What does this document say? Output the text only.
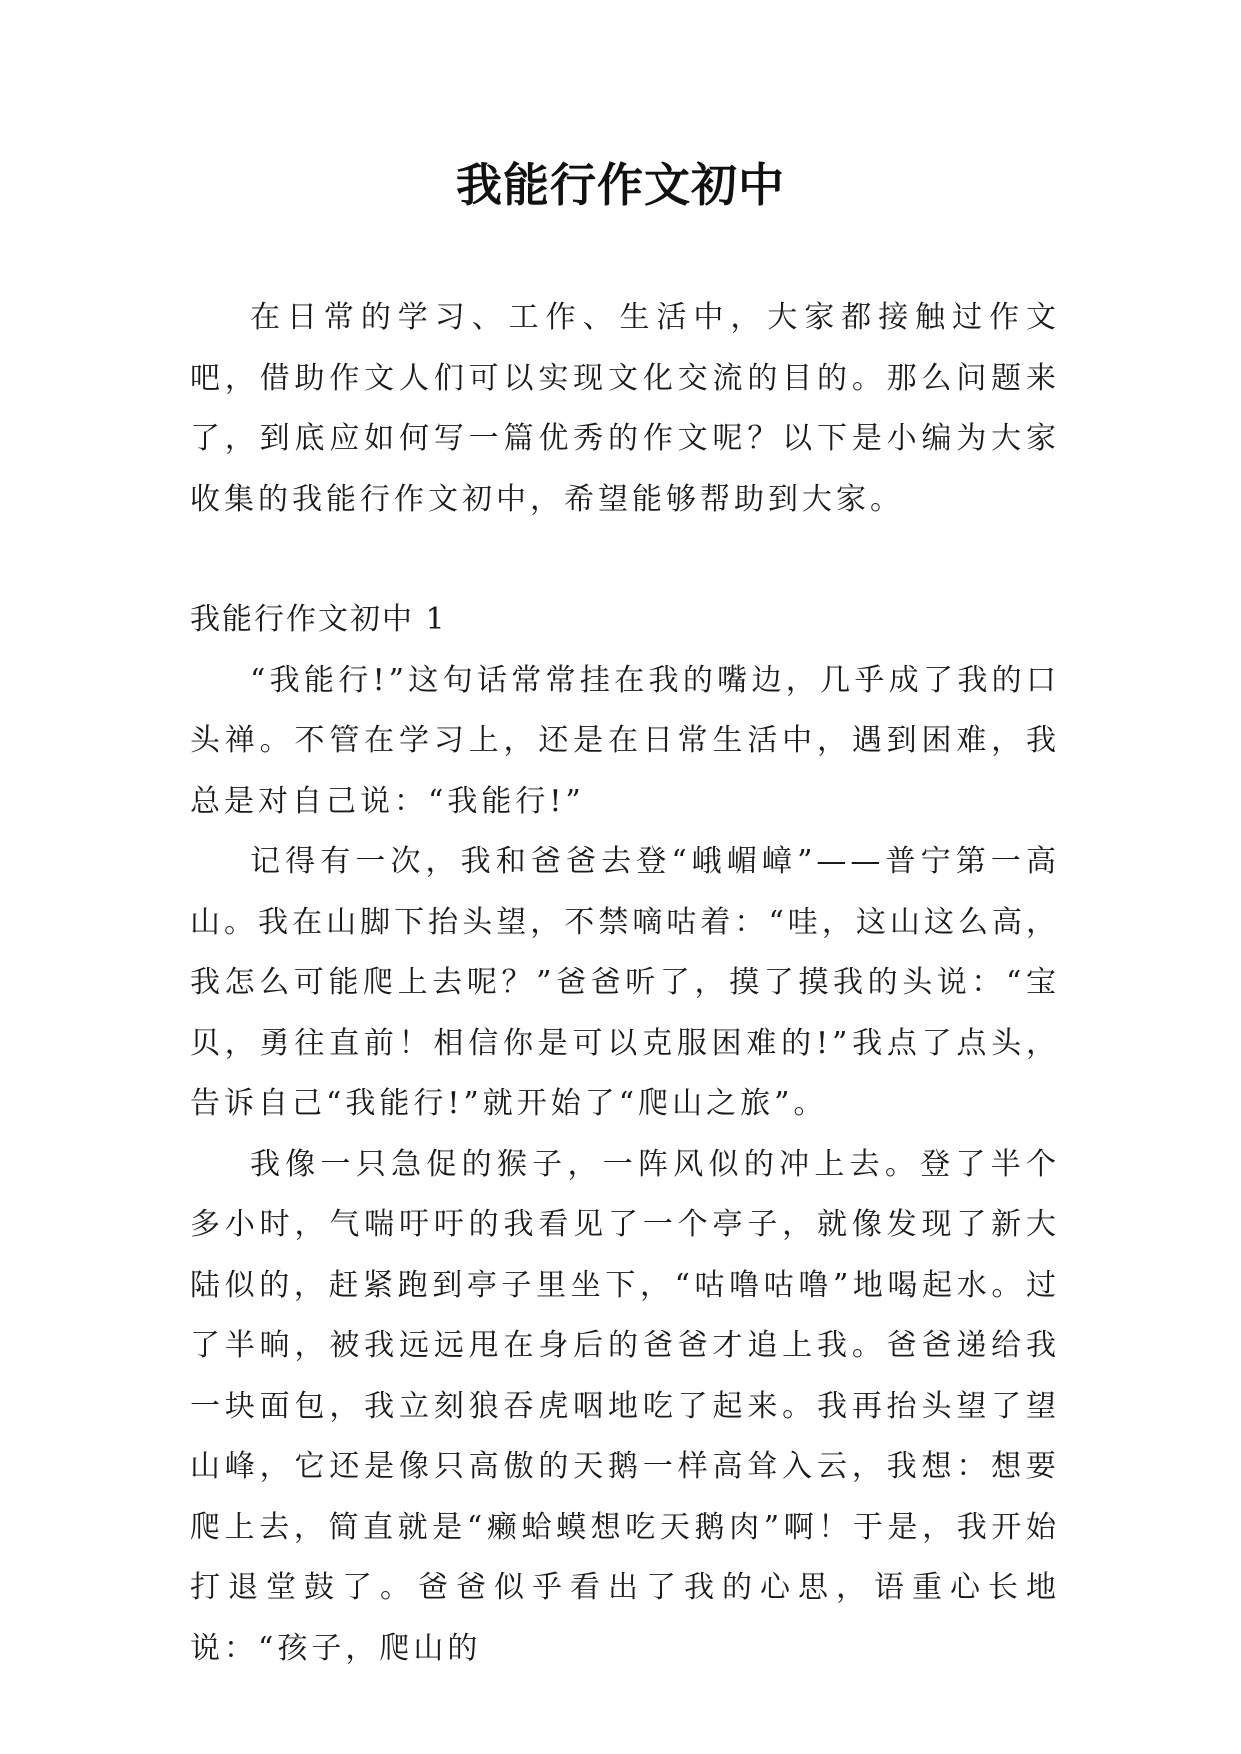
我能行作文初中

在日常的学习、工作、生活中，大家都接触过作文吧，借助作文人们可以实现文化交流的目的。那么问题来了，到底应如何写一篇优秀的作文呢？以下是小编为大家收集的我能行作文初中，希望能够帮助到大家。

我能行作文初中 1

“我能行!”这句话常常挂在我的嘴边，几乎成了我的口头禅。不管在学习上，还是在日常生活中，遇到困难，我总是对自己说：“我能行!”

记得有一次，我和爸爸去登“峨嵋嶂”——普宁第一高山。我在山脚下抬头望，不禁嘀咕着：“哇，这山这么高，我怎么可能爬上去呢？”爸爸听了，摸了摸我的头说：“宝贝，勇往直前！相信你是可以克服困难的!”我点了点头，告诉自己“我能行!”就开始了“爬山之旅”。

我像一只急促的猴子，一阵风似的冲上去。登了半个多小时，气喘吁吁的我看见了一个亭子，就像发现了新大陆似的，赶紧跑到亭子里坐下，“咕噜咕噜”地喝起水。过了半晌，被我远远甩在身后的爸爸才追上我。爸爸递给我一块面包，我立刻狼吞虎咽地吃了起来。我再抬头望了望山峰，它还是像只高傲的天鹅一样高耸入云，我想：想要爬上去，简直就是“癞蛤蟆想吃天鹅肉”啊！于是，我开始打退堂鼓了。爸爸似乎看出了我的心思，语重心长地说：“孩子，爬山的
